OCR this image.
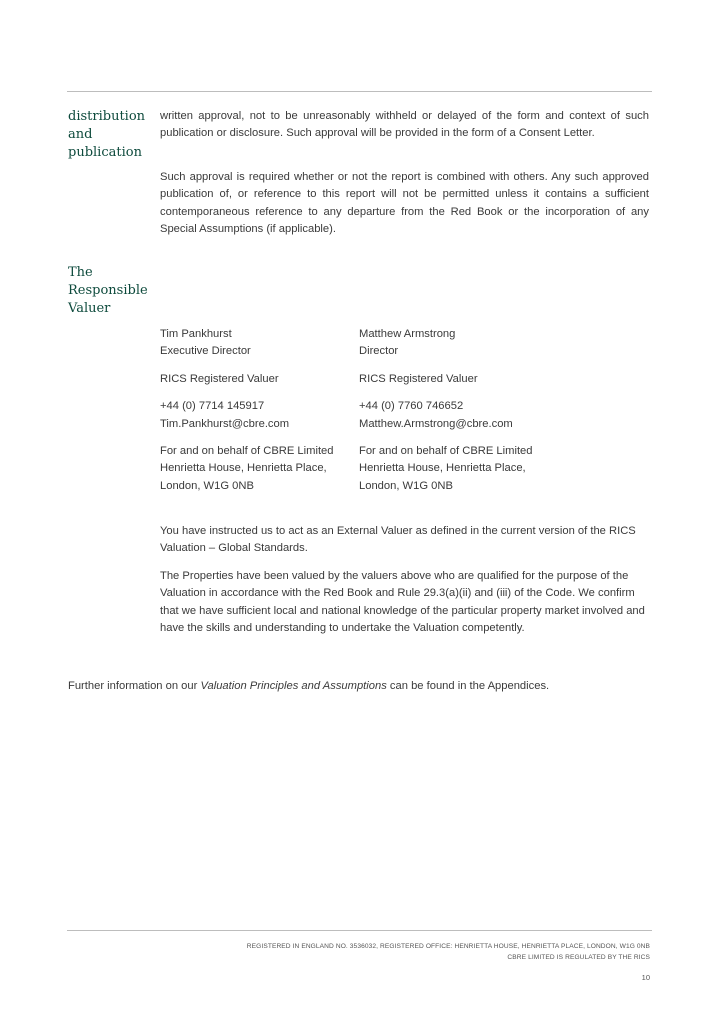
distribution
and
publication
written approval, not to be unreasonably withheld or delayed of the form and context of such publication or disclosure. Such approval will be provided in the form of a Consent Letter.
Such approval is required whether or not the report is combined with others. Any such approved publication of, or reference to this report will not be permitted unless it contains a sufficient contemporaneous reference to any departure from the Red Book or the incorporation of any Special Assumptions (if applicable).
The
Responsible
Valuer
Tim Pankhurst
Executive Director
RICS Registered Valuer
+44 (0) 7714 145917
Tim.Pankhurst@cbre.com
For and on behalf of CBRE Limited
Henrietta House, Henrietta Place,
London, W1G 0NB
Matthew Armstrong
Director
RICS Registered Valuer
+44 (0) 7760 746652
Matthew.Armstrong@cbre.com
For and on behalf of CBRE Limited
Henrietta House, Henrietta Place,
London, W1G 0NB
You have instructed us to act as an External Valuer as defined in the current version of the RICS Valuation – Global Standards.
The Properties have been valued by the valuers above who are qualified for the purpose of the Valuation in accordance with the Red Book and Rule 29.3(a)(ii) and (iii) of the Code. We confirm that we have sufficient local and national knowledge of the particular property market involved and have the skills and understanding to undertake the Valuation competently.
Further information on our Valuation Principles and Assumptions can be found in the Appendices.
REGISTERED IN ENGLAND NO. 3536032, REGISTERED OFFICE: HENRIETTA HOUSE, HENRIETTA PLACE, LONDON, W1G 0NB
CBRE LIMITED IS REGULATED BY THE RICS
10
